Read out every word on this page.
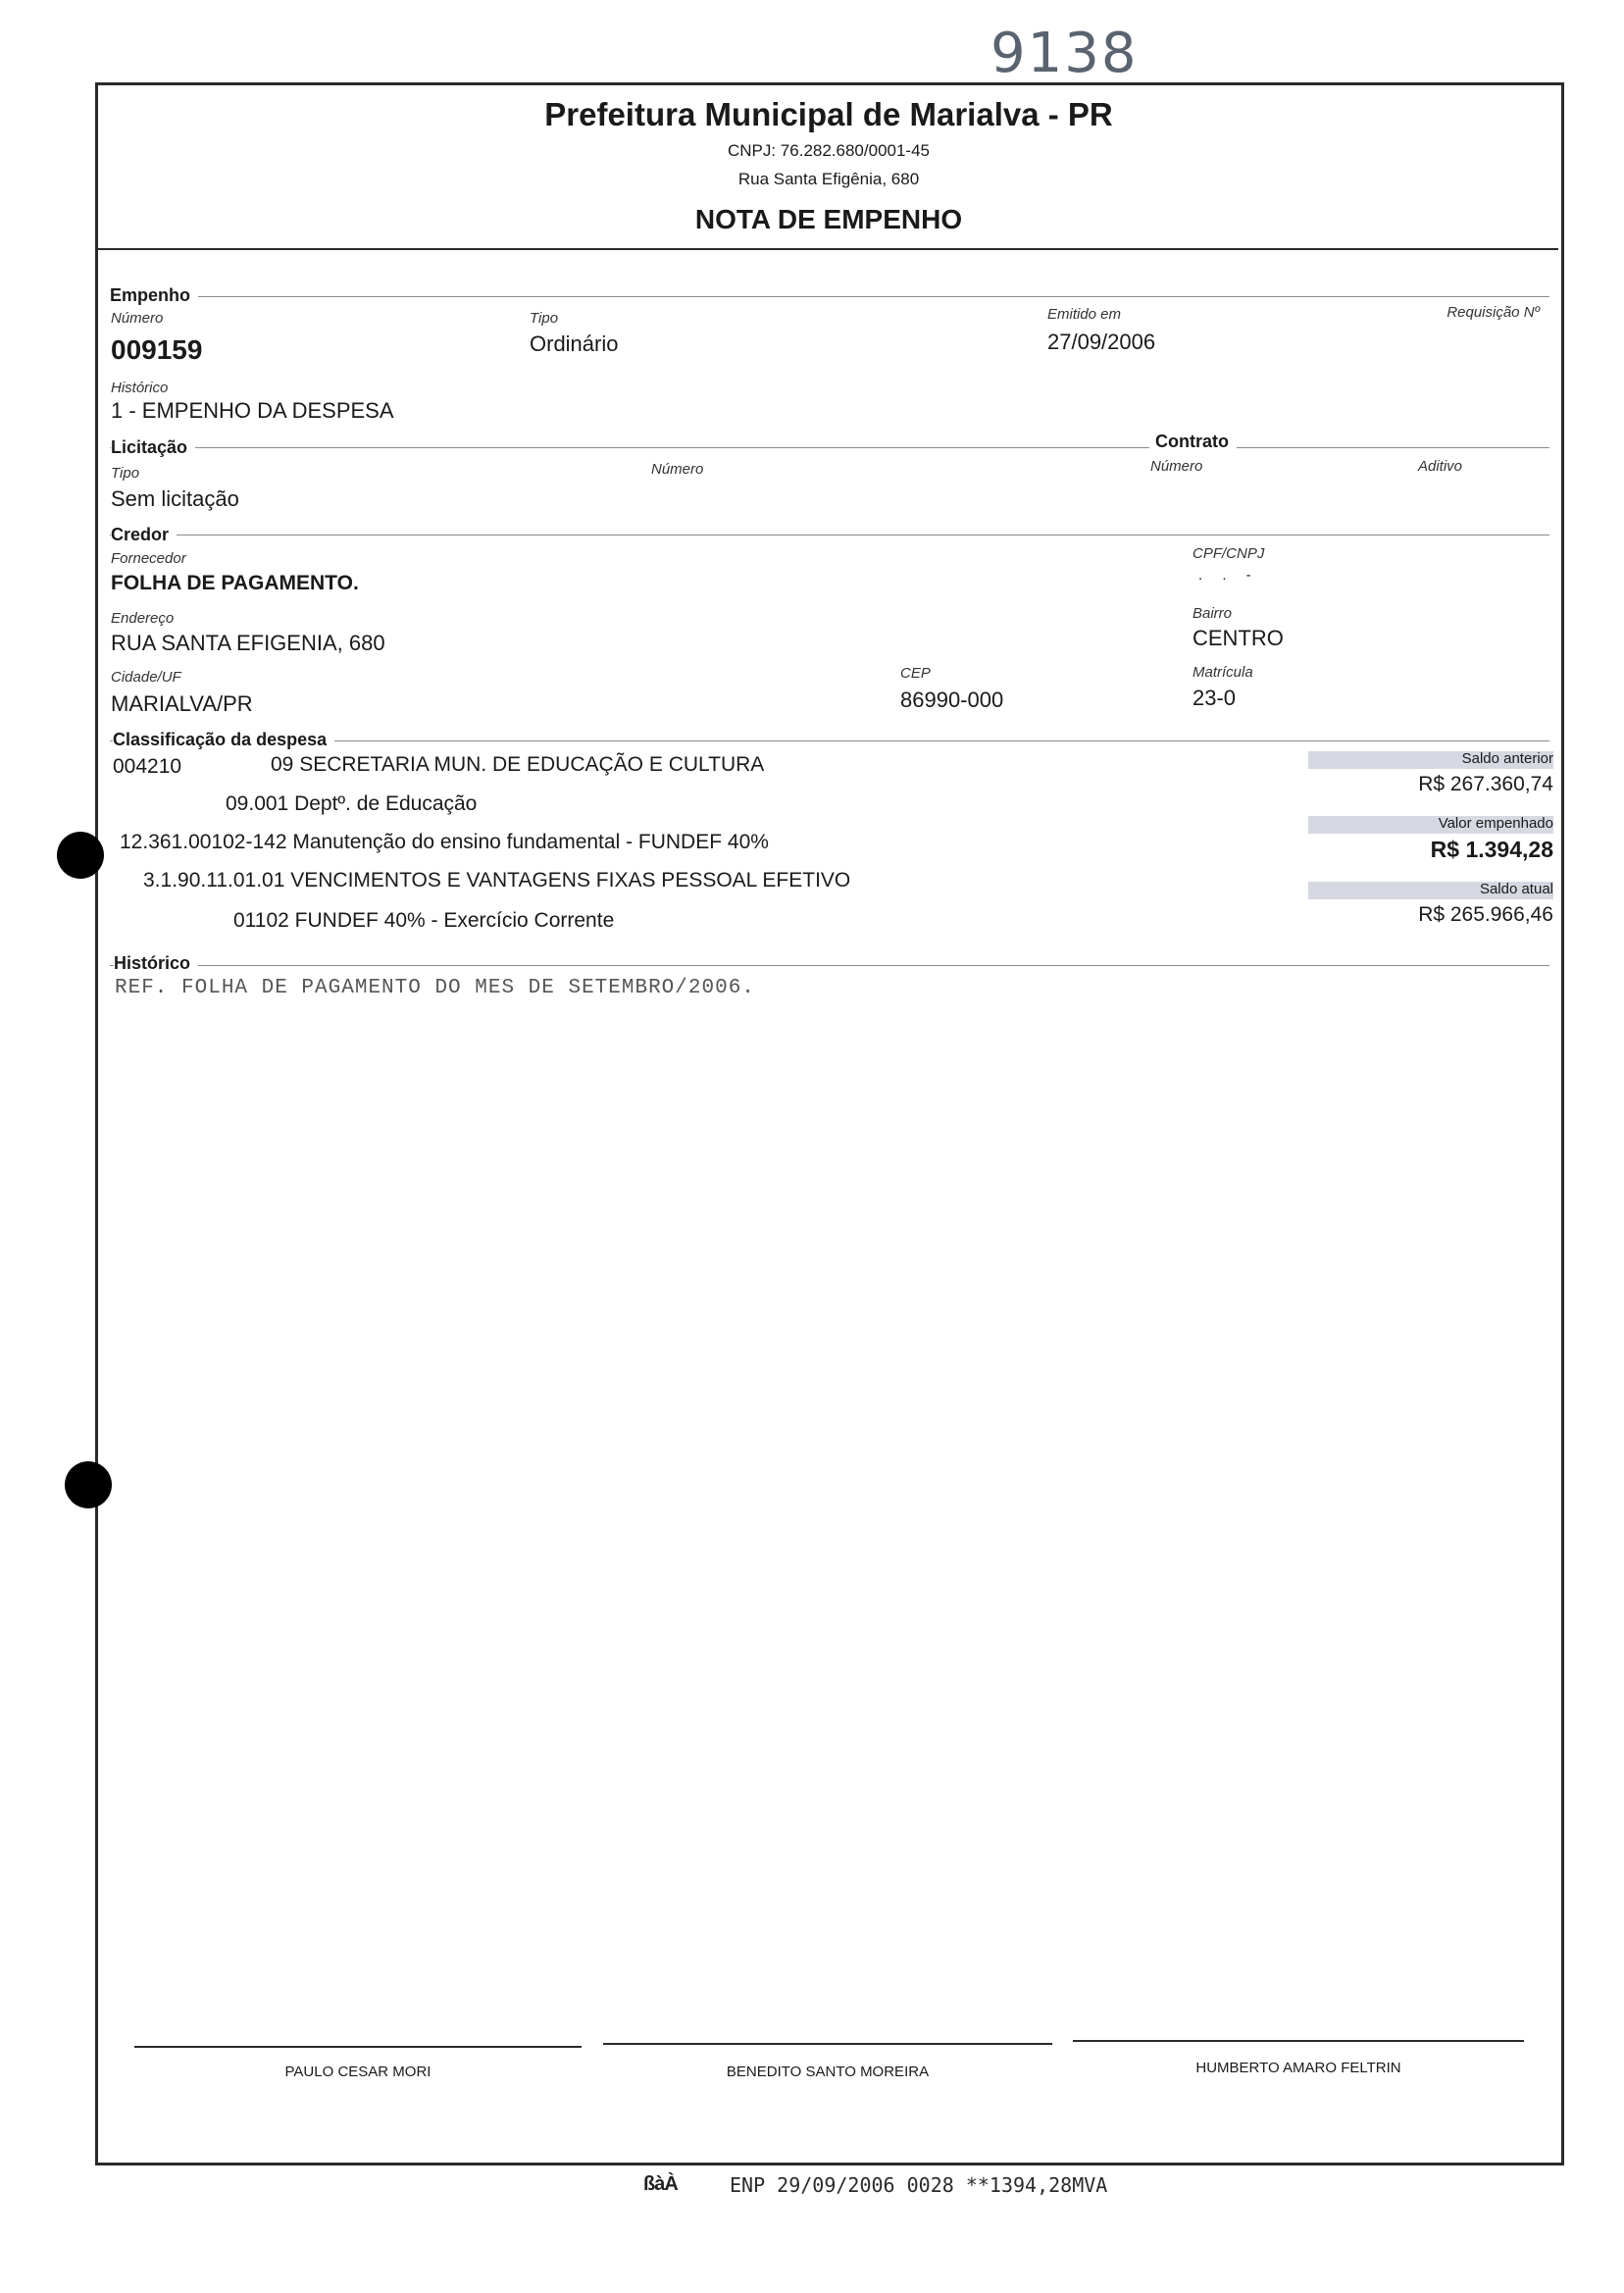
9138
Prefeitura Municipal de Marialva - PR
CNPJ: 76.282.680/0001-45
Rua Santa Efigênia, 680
NOTA DE EMPENHO
Empenho
Número
009159
Tipo
Ordinário
Emitido em
27/09/2006
Requisição Nº
Histórico
1 - EMPENHO DA DESPESA
Licitação	Contrato
Tipo
Sem licitação
Número	Número	Aditivo
Credor
Fornecedor
FOLHA DE PAGAMENTO.
CPF/CNPJ
. . -
Endereço
RUA SANTA EFIGENIA, 680
Bairro
CENTRO
Cidade/UF
MARIALVA/PR
CEP
86990-000
Matrícula
23-0
Classificação da despesa
004210	09 SECRETARIA MUN. DE EDUCAÇÃO E CULTURA
09.001 Deptº. de Educação
12.361.00102-142 Manutenção do ensino fundamental - FUNDEF 40%
3.1.90.11.01.01 VENCIMENTOS E VANTAGENS FIXAS PESSOAL EFETIVO
01102 FUNDEF 40% - Exercício Corrente
Saldo anterior
R$ 267.360,74
Valor empenhado
R$ 1.394,28
Saldo atual
R$ 265.966,46
Histórico
REF. FOLHA DE PAGAMENTO DO MES DE SETEMBRO/2006.
PAULO CESAR MORI	BENEDITO SANTO MOREIRA	HUMBERTO AMARO FELTRIN
ßàÀ	ENP 29/09/2006 0028 **1394,28MVA
